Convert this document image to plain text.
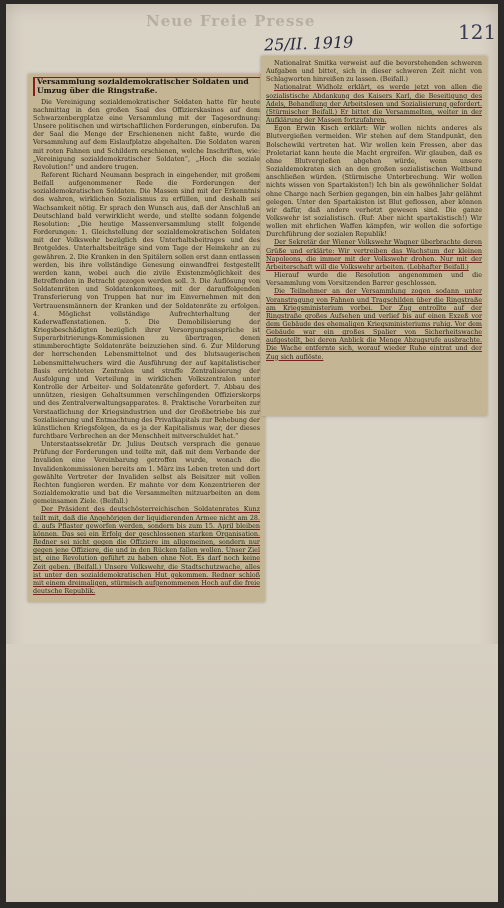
Neue Freie Presse
25/II. 1919	121
Versammlung sozialdemokratischer Soldaten und Umzug über die Ringstraße.

Die Vereinigung sozialdemokratischer Soldaten hatte für heute nachmittag in den großen Saal des Offizierskasinos auf dem Schwarzenbergplatze eine Versammlung mit der Tagesordnung: Unsere politischen und wirtschaftlichen Forderungen, einberufen. Da der Saal die Menge der Erschienenen nicht faßte, wurde die Versammlung auf dem Eislaufplatze abgehalten. Die Soldaten waren mit roten Fahnen und Schildern erschienen, welche Inschriften, wie: „Vereinigung sozialdemokratischer Soldaten“, „Hoch die soziale Revolution!“ und andere trugen.

Referent Richard Neumann besprach in eingehender, mit großem Beifall aufgenommener Rede die Forderungen der sozialdemokratischen Soldaten. Die Massen sind mit der Erkenntnis des wahren, wirklichen Sozialismus zu erfüllen, und deshalb sei Wachsamkeit nötig. Er sprach den Wunsch aus, daß der Anschluß an Deutschland bald verwirklicht werde, und stellte sodann folgende Resolution: „Die heutige Massenversammlung stellt folgende Forderungen: 1. Gleichstellung der sozialdemokratischen Soldaten mit der Volkswehr bezüglich des Unterhaltsbeitrages und des Brotgeldes. Unterhaltsbeiträge sind vom Tage der Heimkehr an zu gewähren. 2. Die Kranken in den Spitälern sollen erst dann entlassen werden, bis ihre vollständige Genesung einwandfrei festgestellt werden kann, wobei auch die zivile Existenzmöglichkeit des Betreffenden in Betracht gezogen werden soll. 3. Die Auflösung von Soldatenräten und Soldatenkomitees, mit der darauffolgenden Transferierung von Truppen hat nur im Einvernehmen mit den Vertrauensmännern der Kranken und der Soldatenräte zu erfolgen. 4. Möglichst vollständige Aufrechterhaltung der Kaderwaffenstationen. 5. Die Demobilisierung der Kriegsbeschädigten bezüglich ihrer Versorgungsansprüche ist Superarbitrierungs-Kommissionen zu übertragen, denen stimmberechtigte Soldatenräte beizuziehen sind. 6. Zur Milderung der herrschenden Lebensmittelnot und des blutsaugerischen Lebensmittelwuchers wird die Ausführung der auf kapitalistischer Basis errichteten Zentralen und straffe Zentralisierung der Ausfolgung und Verteilung in wirklichen Volkszentralen unter Kontrolle der Arbeiter- und Soldatenräte gefordert. 7. Abbau des unnützen, riesigen Gehaltsummen verschlingenden Offizierskorps und des Zentralverwaltungsapparates. 8. Praktische Vorarbeiten zur Verstaatlichung der Kriegsindustrien und der Großbetriebe bis zur Sozialisierung und Entmachtung des Privatkapitals zur Behebung der künstlichen Kriegsfolgen, da es ja der Kapitalismus war, der dieses furchtbare Verbrechen an der Menschheit mitverschuldet hat.“

Unterstaatssekretär Dr. Julius Deutsch versprach die genaue Prüfung der Forderungen und teilte mit, daß mit dem Verbande der Invaliden eine Vereinbarung getroffen wurde, wonach die Invalidenkommissionen bereits am 1. März ins Leben treten und dort gewählte Vertreter der Invaliden selbst als Beisitzer mit vollen Rechten fungieren werden. Er mahnte vor dem Konzentrieren der Sozialdemokratie und bat die Versammelten mitzuarbeiten an dem gemeinsamen Ziele. (Beifall.)

Der Präsident des deutschösterreichischen Soldatenrates Kunz teilt mit, daß die Angehörigen der liquidierenden Armee nicht am 28. d. aufs Pflaster geworfen werden, sondern bis zum 15. April bleiben können. Das sei ein Erfolg der geschlossenen starken Organisation. Redner sei nicht gegen die Offiziere im allgemeinen, sondern nur gegen jene Offiziere, die und in den Rücken fallen wollen. Unser Ziel ist, eine Revolution geführt zu haben ohne Not. Es darf noch keine Zeit geben. (Beifall.) Unsere Volkswehr, die Stadtschutzwache, alles ist unter den sozialdemokratischen Hut gekommen. Redner schloß mit einem dreimaligen, stürmisch aufgenommenen Hoch auf die freie deutsche Republik.

Nationalrat Smitka verweist auf die bevorstehenden schweren Aufgaben und bittet, sich in dieser schweren Zeit nicht von Schlagworten hinreißen zu lassen. (Beifall.)

Nationalrat Widholz erklärt, es werde jetzt von allen die sozialistische Abdankung des Kaisers Karl, die Beseitigung des Adels, Behandlung der Arbeitslosen und Sozialisierung gefordert. (Stürmischer Beifall.) Er bittet die Versammelten, weiter in der Aufklärung der Massen fortzufahren.

Egon Erwin Kisch erklärt: Wir wollen nichts anderes als Blutvergießen vermeiden. Wir stehen auf dem Standpunkt, den Bolschewiki vertreten hat. Wir wollen kein Fressen, aber das Proletariat kann heute die Macht ergreifen. Wir glauben, daß es ohne Blutvergießen abgehen würde, wenn unsere Sozialdemokraten sich an den großen sozialistischen Weltbund anschließen würden. (Stürmische Unterbrechung. Wir wollen nichts wissen von Spartakisten!) Ich bin als gewöhnlicher Soldat ohne Charge nach Serbien gegangen, bin ein halbes Jahr gelähmt gelegen. Unter den Spartakisten ist Blut geflossen, aber können wir dafür, daß andere verhetzt gewesen sind. Die ganze Volkswehr ist sozialistisch. (Ruf: Aber nicht spartakistisch!) Wir wollen mit ehrlichen Waffen kämpfen, wir wollen die sofortige Durchführung der sozialen Republik!

Der Sekretär der Wiener Volkswehr Wagner überbrachte deren Grüße und erklärte: Wir vertreiben das Wachstum der kleinen Napoleons, die immer mit der Volkswehr drohen. Nur mit der Arbeiterschaft will die Volkswehr arbeiten. (Lebhafter Beifall.)

Hierauf wurde die Resolution angenommen und die Versammlung vom Vorsitzenden Barrer geschlossen.

Die Teilnehmer an der Versammlung zogen sodann unter Voranstragung von Fahnen und Tragschilden über die Ringstraße am Kriegsministerium vorbei. Der Zug entrollte auf der Ringstraße großes Aufsehen und verlief bis auf einen Exzeß vor dem Gebäude des ehemaligen Kriegsministeriums ruhig. Vor dem Gebäude war ein großes Spalier von Sicherheitswache aufgestellt, bei deren Anblick die Menge Abzugsrufe ausbrachte. Die Wache entfernte sich, worauf wieder Ruhe eintrat und der Zug sich auflöste.
